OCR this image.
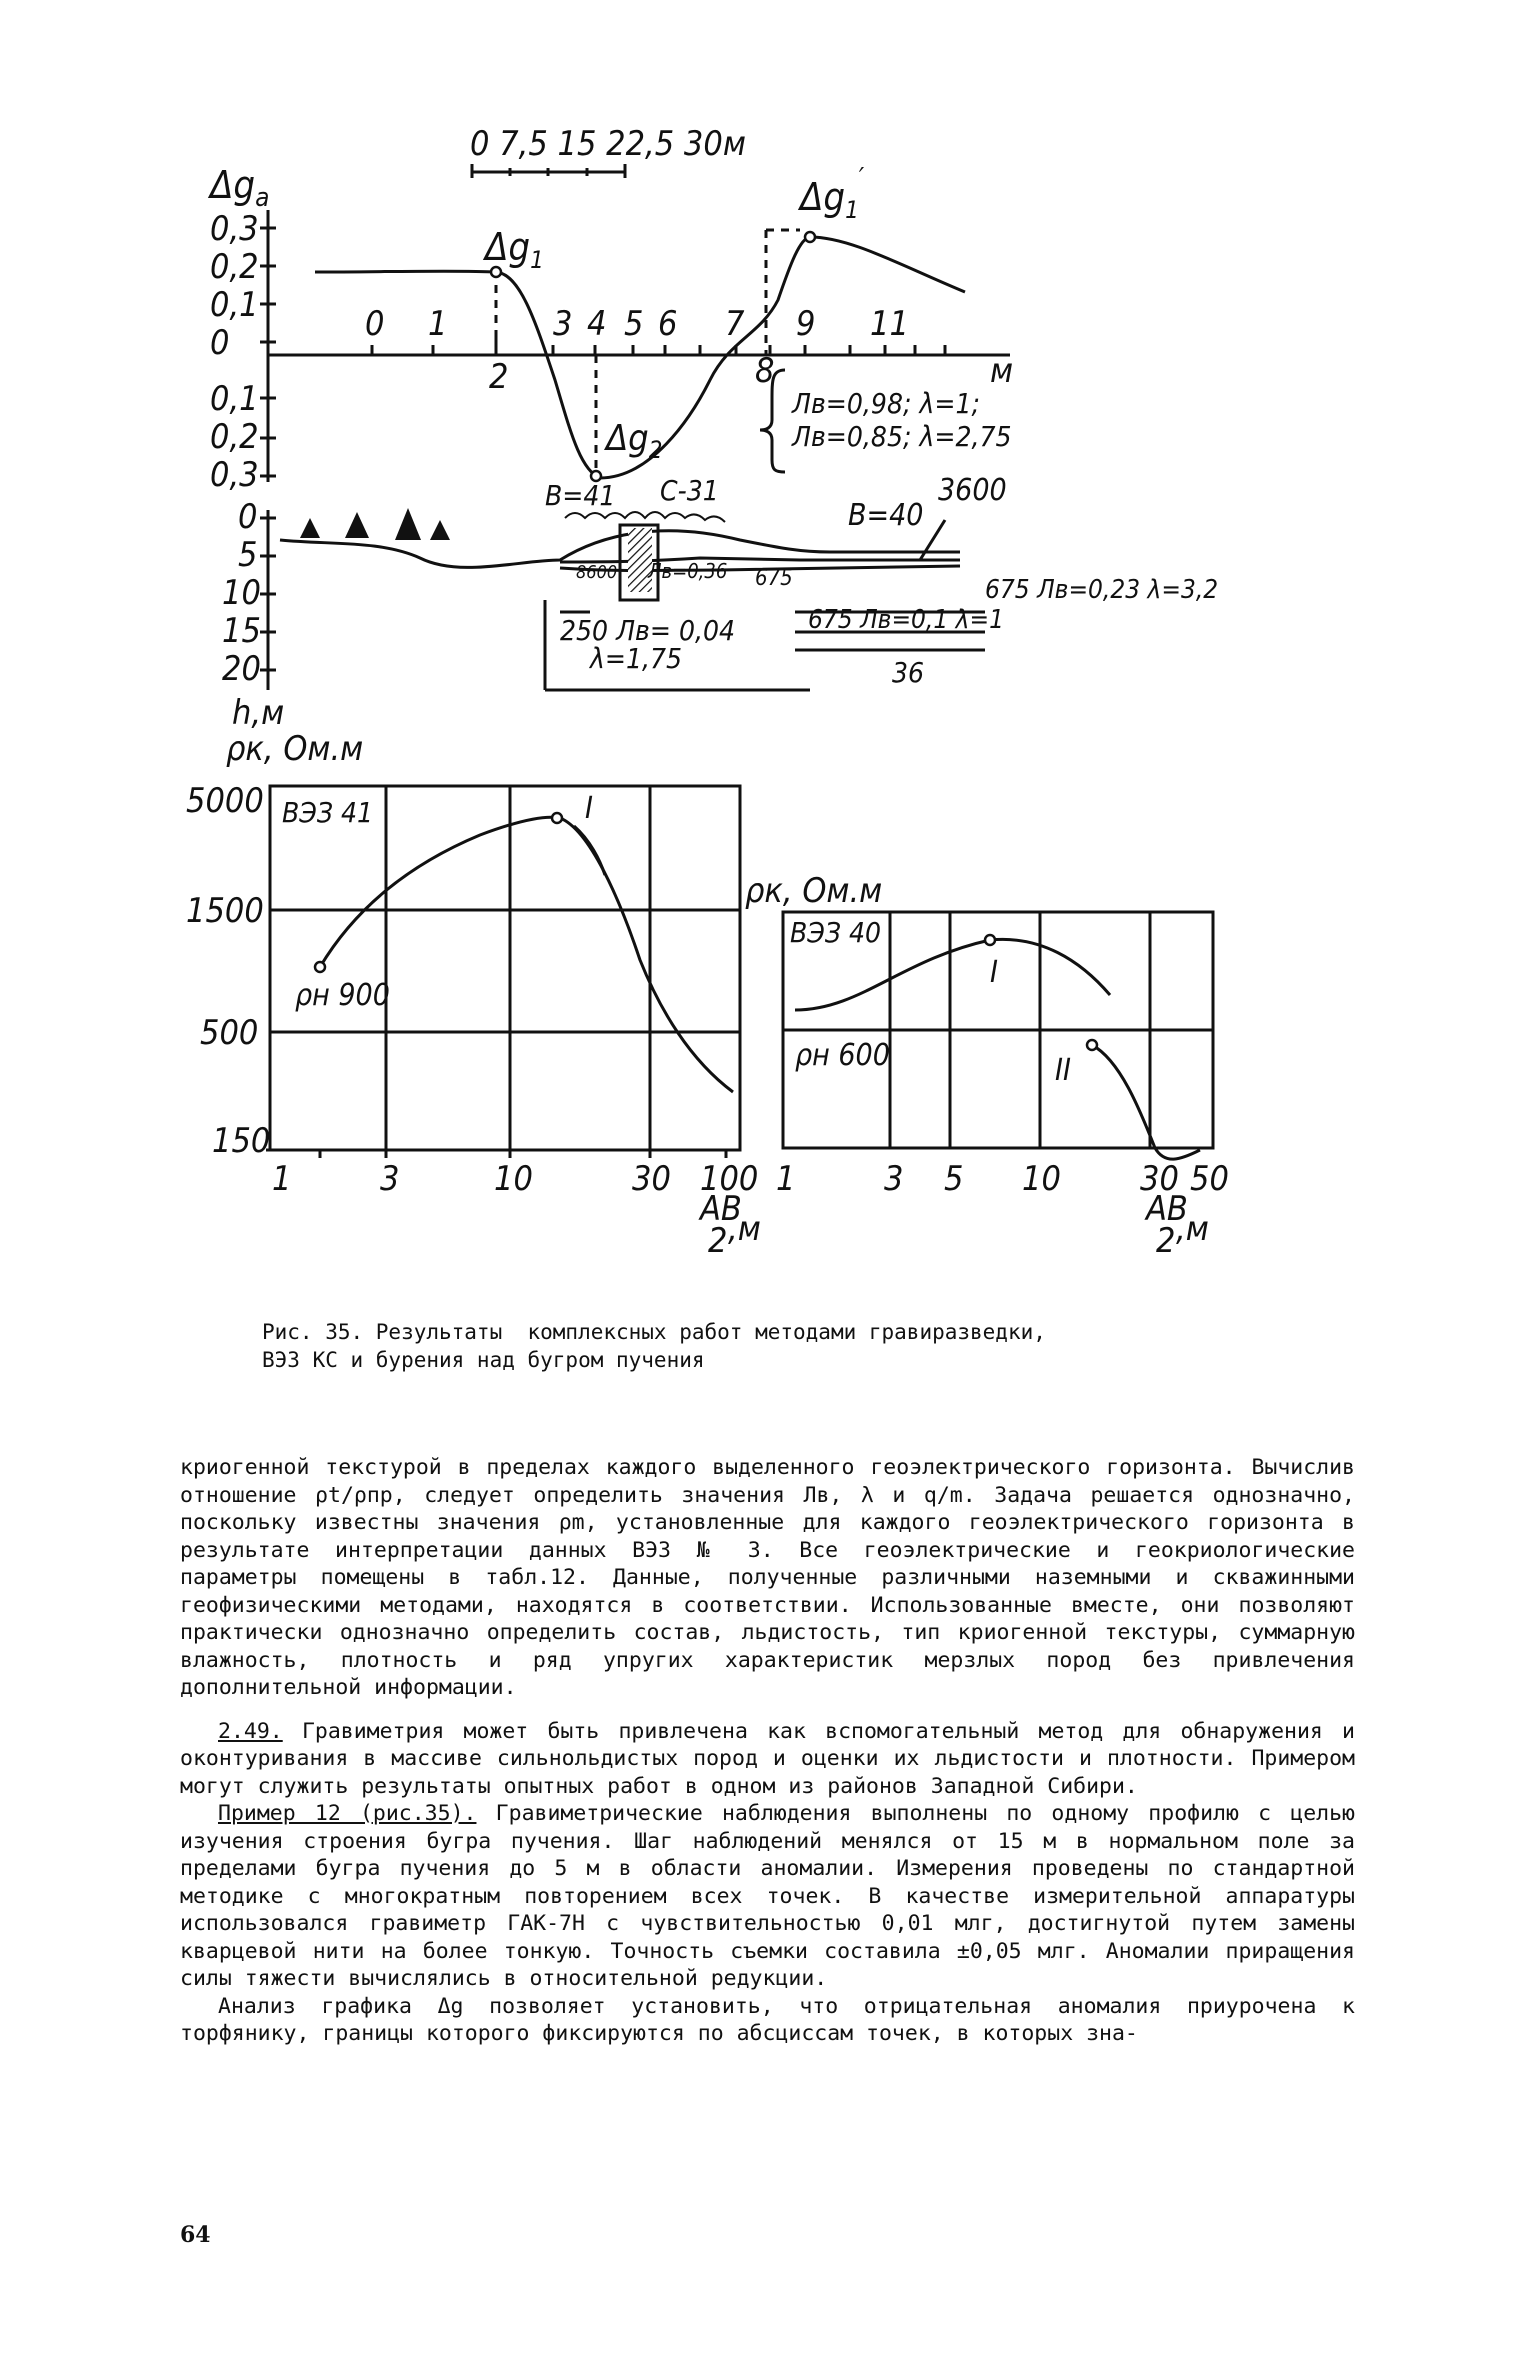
0 7,5 15 22,5 30м
$\Delta g_a$
0,3
0,2
0,1
0
0,1
0,2
0,3
0 1	3 4 5 6 7 9 11
2	8	м
$\Delta g_1$
$\Delta g_1'$
$\Delta g_2$
Лв=0,98; λ=1;
Лв=0,85; λ=2,75
0
5
10
15
20
h,м
В=41 С-31
В=40
3600
8600 Лв=0,36 675	675 Лв=0,23 λ=3,2
250 Лв= 0,04
λ=1,75
675 Лв=0,1 λ=1
36
ρк, Ом.м
ВЭЗ 41
5000
1500
500
150
1	3	10	30 100
АВ
2 ,м
ρн 900
I
ρк, Ом.м
ВЭЗ 40
1	3 5 10 30 50
АВ
2 ,м
ρн 600
I
II
Рис. 35. Результаты  комплексных работ методами гравиразведки,
ВЭЗ КС и бурения над бугром пучения

криогенной текстурой в пределах каждого выделенного геоэлектрического горизонта. Вычислив отношение ρt/ρпр, следует определить значения Лв, λ и q/m. Задача решается однозначно, поскольку известны значения ρm, установленные для каждого геоэлектрического горизонта в результате интерпретации данных ВЭЗ № 3. Все геоэлектрические и геокриологические параметры помещены в табл.12. Данные, полученные различными наземными и скважинными геофизическими методами, находятся в соответствии. Использованные вместе, они позволяют практически однозначно определить состав, льдистость, тип криогенной текстуры, суммарную влажность, плотность и ряд упругих характеристик мерзлых пород без привлечения дополнительной информации.

2.49. Гравиметрия может быть привлечена как вспомогательный метод для обнаружения и оконтуривания в массиве сильнольдистых пород и оценки их льдистости и плотности. Примером могут служить результаты опытных работ в одном из районов Западной Сибири.

Пример 12 (рис.35). Гравиметрические наблюдения выполнены по одному профилю с целью изучения строения бугра пучения. Шаг наблюдений менялся от 15 м в нормальном поле за пределами бугра пучения до 5 м в области аномалии. Измерения проведены по стандартной методике с многократным повторением всех точек. В качестве измерительной аппаратуры использовался гравиметр ГАК-7Н с чувствительностью 0,01 млг, достигнутой путем замены кварцевой нити на более тонкую. Точность съемки составила ±0,05 млг. Аномалии приращения силы тяжести вычислялись в относительной редукции.

Анализ графика Δg позволяет установить, что отрицательная аномалия приурочена к торфянику, границы которого фиксируются по абсциссам точек, в которых зна-

64
